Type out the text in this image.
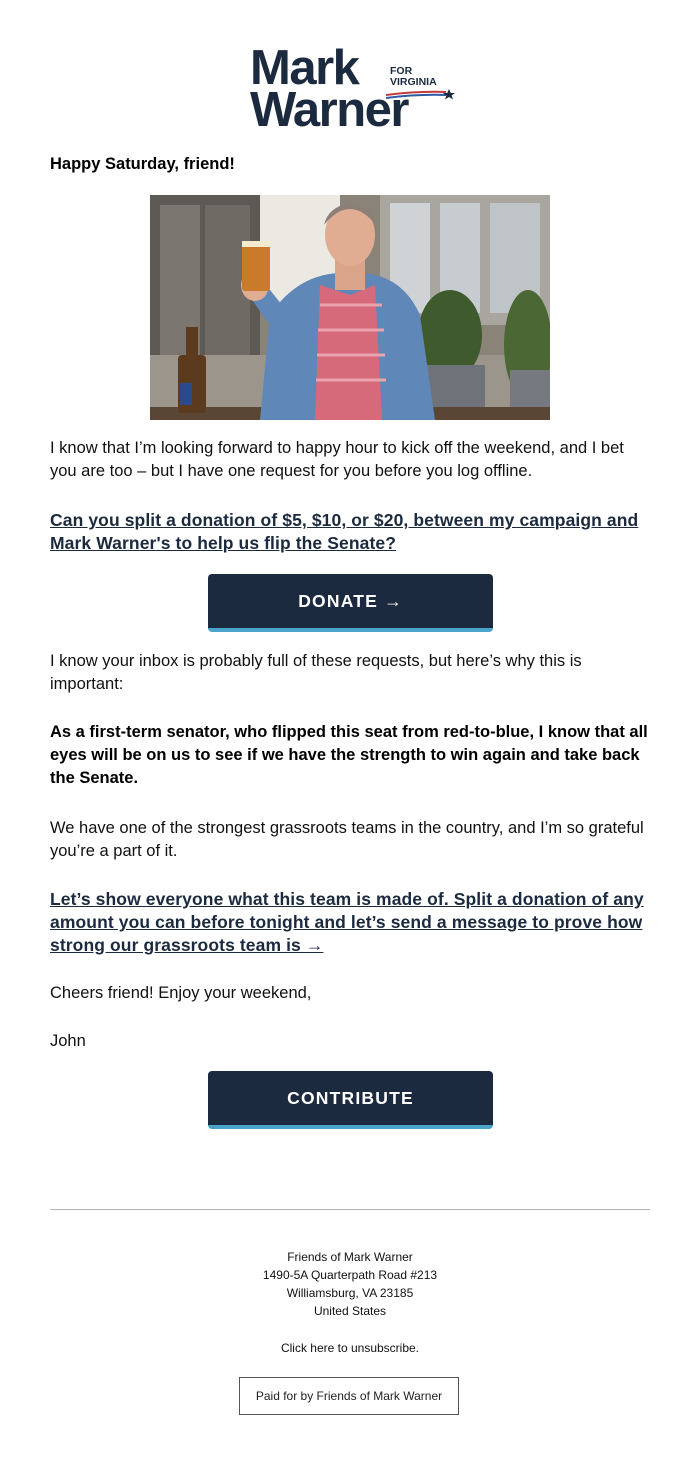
Mark	FOR
VIRGINIA
Warner
Happy Saturday, friend!

I know that I’m looking forward to happy hour to kick off the weekend, and I bet you are too – but I have one request for you before you log offline.

Can you split a donation of $5, $10, or $20, between my campaign and Mark Warner's to help us flip the Senate?

DONATE →

I know your inbox is probably full of these requests, but here’s why this is important:

As a first-term senator, who flipped this seat from red-to-blue, I know that all eyes will be on us to see if we have the strength to win again and take back the Senate.

We have one of the strongest grassroots teams in the country, and I’m so grateful you’re a part of it.

Let’s show everyone what this team is made of. Split a donation of any amount you can before tonight and let’s send a message to prove how strong our grassroots team is →

Cheers friend! Enjoy your weekend,

John

CONTRIBUTE
Friends of Mark Warner
1490-5A Quarterpath Road #213
Williamsburg, VA 23185
United States
Click here to unsubscribe.
Paid for by Friends of Mark Warner
